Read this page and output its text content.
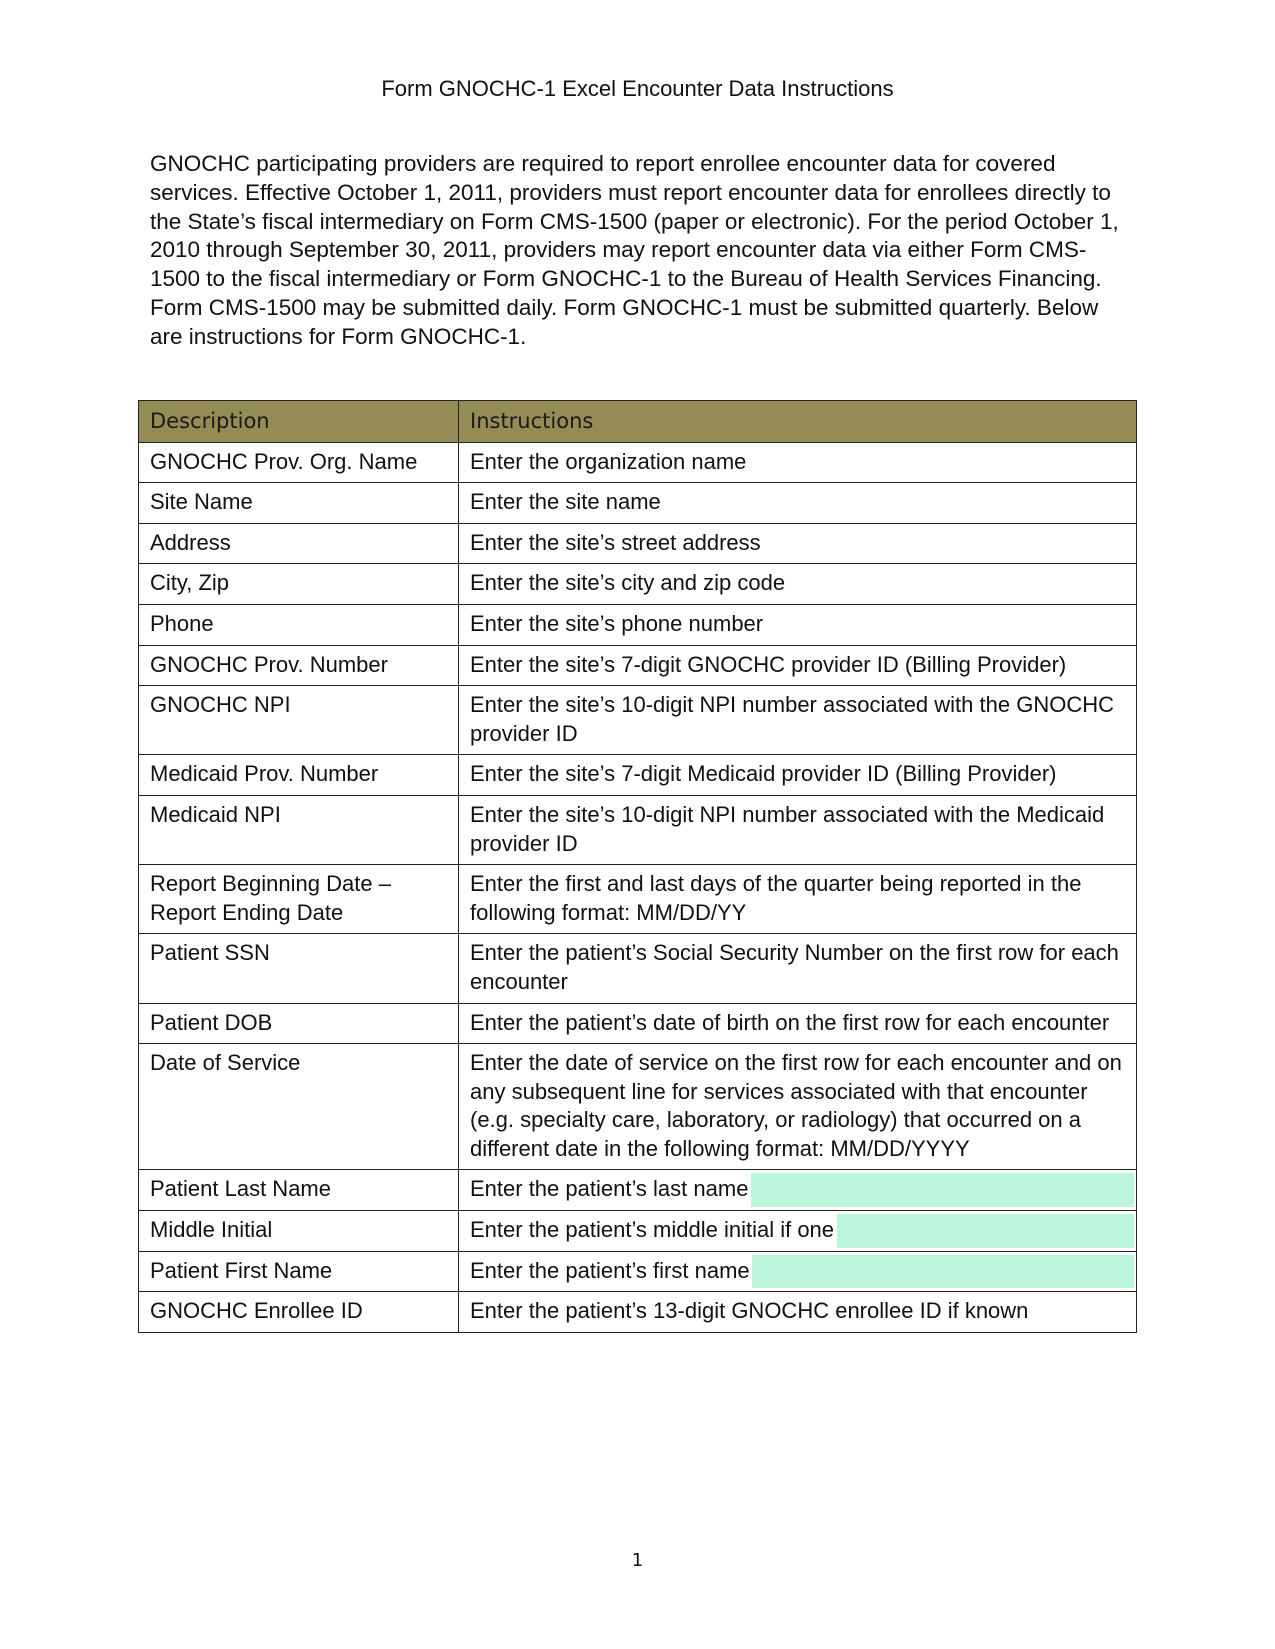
Form GNOCHC-1 Excel Encounter Data Instructions

GNOCHC participating providers are required to report enrollee encounter data for covered services. Effective October 1, 2011, providers must report encounter data for enrollees directly to the State’s fiscal intermediary on Form CMS-1500 (paper or electronic). For the period October 1, 2010 through September 30, 2011, providers may report encounter data via either Form CMS-1500 to the fiscal intermediary or Form GNOCHC-1 to the Bureau of Health Services Financing. Form CMS-1500 may be submitted daily. Form GNOCHC-1 must be submitted quarterly. Below are instructions for Form GNOCHC-1.

Description	Instructions
GNOCHC Prov. Org. Name	Enter the organization name
Site Name	Enter the site name
Address	Enter the site’s street address
City, Zip	Enter the site’s city and zip code
Phone	Enter the site’s phone number
GNOCHC Prov. Number	Enter the site’s 7-digit GNOCHC provider ID (Billing Provider)
GNOCHC NPI	Enter the site’s 10-digit NPI number associated with the GNOCHC provider ID
Medicaid Prov. Number	Enter the site’s 7-digit Medicaid provider ID (Billing Provider)
Medicaid NPI	Enter the site’s 10-digit NPI number associated with the Medicaid provider ID
Report Beginning Date – Report Ending Date	Enter the first and last days of the quarter being reported in the following format: MM/DD/YY
Patient SSN	Enter the patient’s Social Security Number on the first row for each encounter
Patient DOB	Enter the patient’s date of birth on the first row for each encounter
Date of Service	Enter the date of service on the first row for each encounter and on any subsequent line for services associated with that encounter (e.g. specialty care, laboratory, or radiology) that occurred on a different date in the following format: MM/DD/YYYY
Patient Last Name	Enter the patient’s last name
Middle Initial	Enter the patient’s middle initial if one
Patient First Name	Enter the patient’s first name
GNOCHC Enrollee ID	Enter the patient’s 13-digit GNOCHC enrollee ID if known
1
